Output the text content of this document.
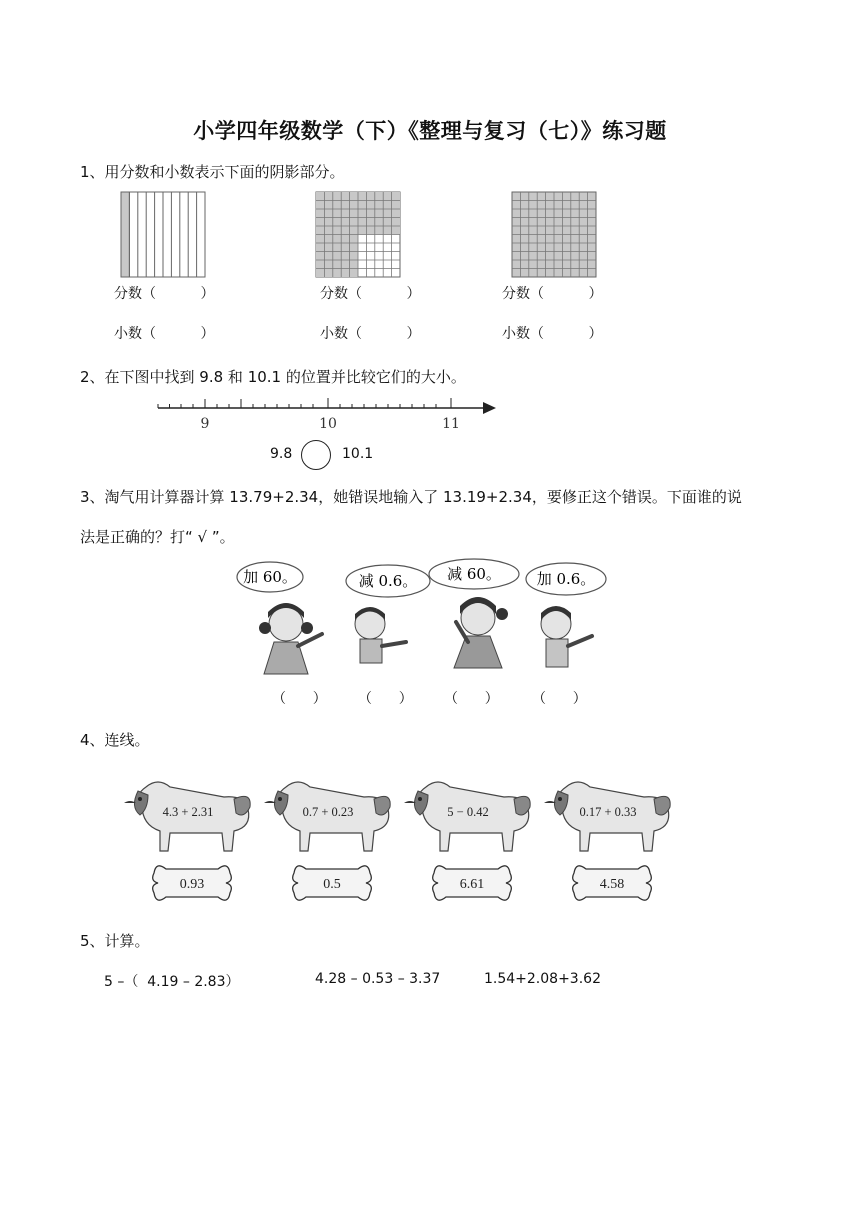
小学四年级数学（下）《整理与复习（七）》练习题
1、用分数和小数表示下面的阴影部分。
分数（          ）	分数（          ）	分数（          ）
小数（          ）	小数（          ）	小数（          ）
2、在下图中找到 9.8 和 10.1 的位置并比较它们的大小。
9	10	11
9.8	10.1
3、淘气用计算器计算 13.79+2.34，她错误地输入了 13.19+2.34，要修正这个错误。下面谁的说
法是正确的？打“ √ ”。
加 60。	减 0.6。 减 60。 加 0.6。
（      ） （      ） （      ） （      ）
4、连线。
4.3 + 2.31	0.7 + 0.23	5 − 0.42	0.17 + 0.33
0.93	0.5	6.61	4.58
5、计算。
5 –（  4.19 – 2.83）	4.28 – 0.53 – 3.37	1.54+2.08+3.62
